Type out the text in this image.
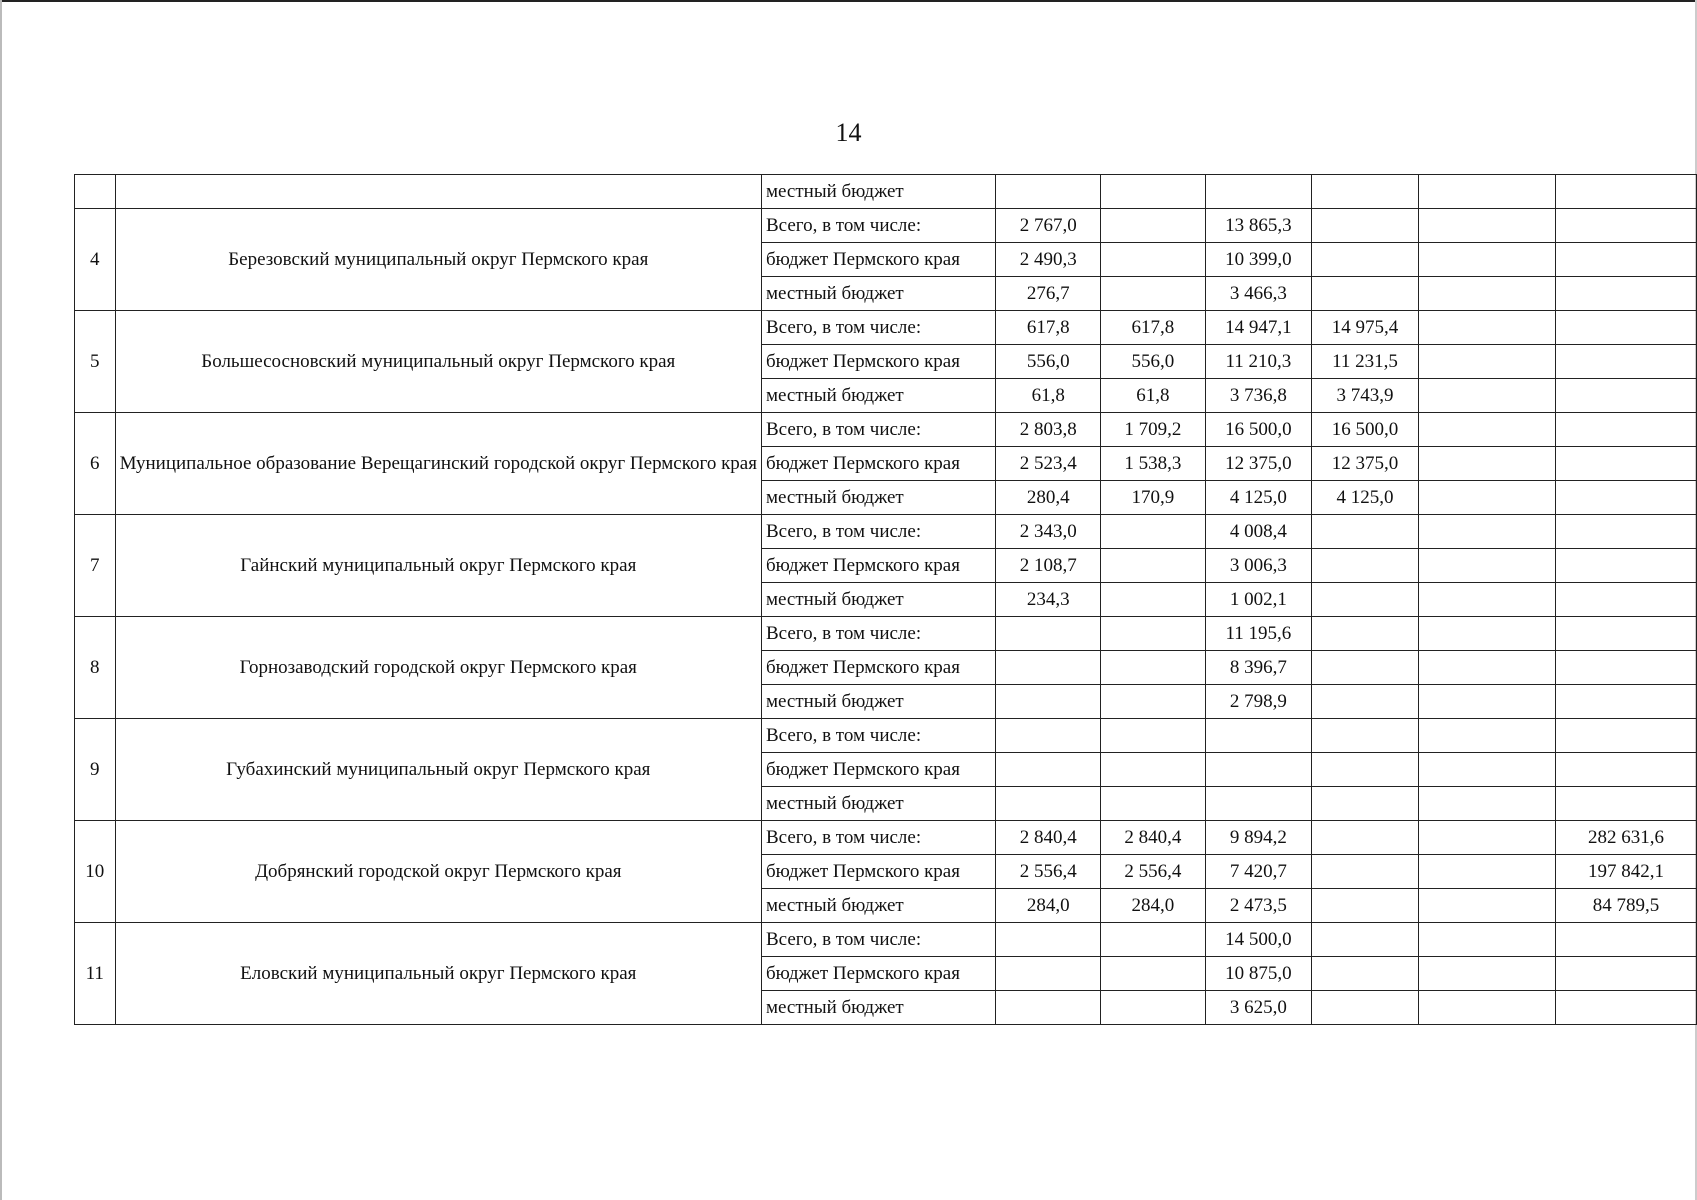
14
		местный бюджет						
4	Березовский муниципальный округ Пермского края	Всего, в том числе:	2 767,0		13 865,3			
		бюджет Пермского края	2 490,3		10 399,0			
		местный бюджет	276,7		3 466,3			
5	Большесосновский муниципальный округ Пермского края	Всего, в том числе:	617,8	617,8	14 947,1	14 975,4		
		бюджет Пермского края	556,0	556,0	11 210,3	11 231,5		
		местный бюджет	61,8	61,8	3 736,8	3 743,9		
6	Муниципальное образование Верещагинский городской округ Пермского края	Всего, в том числе:	2 803,8	1 709,2	16 500,0	16 500,0		
		бюджет Пермского края	2 523,4	1 538,3	12 375,0	12 375,0		
		местный бюджет	280,4	170,9	4 125,0	4 125,0		
7	Гайнский муниципальный округ Пермского края	Всего, в том числе:	2 343,0		4 008,4			
		бюджет Пермского края	2 108,7		3 006,3			
		местный бюджет	234,3		1 002,1			
8	Горнозаводский городской округ Пермского края	Всего, в том числе:			11 195,6			
		бюджет Пермского края			8 396,7			
		местный бюджет			2 798,9			
9	Губахинский муниципальный округ Пермского края	Всего, в том числе:						
		бюджет Пермского края						
		местный бюджет						
10	Добрянский городской округ Пермского края	Всего, в том числе:	2 840,4	2 840,4	9 894,2			282 631,6
		бюджет Пермского края	2 556,4	2 556,4	7 420,7			197 842,1
		местный бюджет	284,0	284,0	2 473,5			84 789,5
11	Еловский муниципальный округ Пермского края	Всего, в том числе:			14 500,0			
		бюджет Пермского края			10 875,0			
		местный бюджет			3 625,0			
